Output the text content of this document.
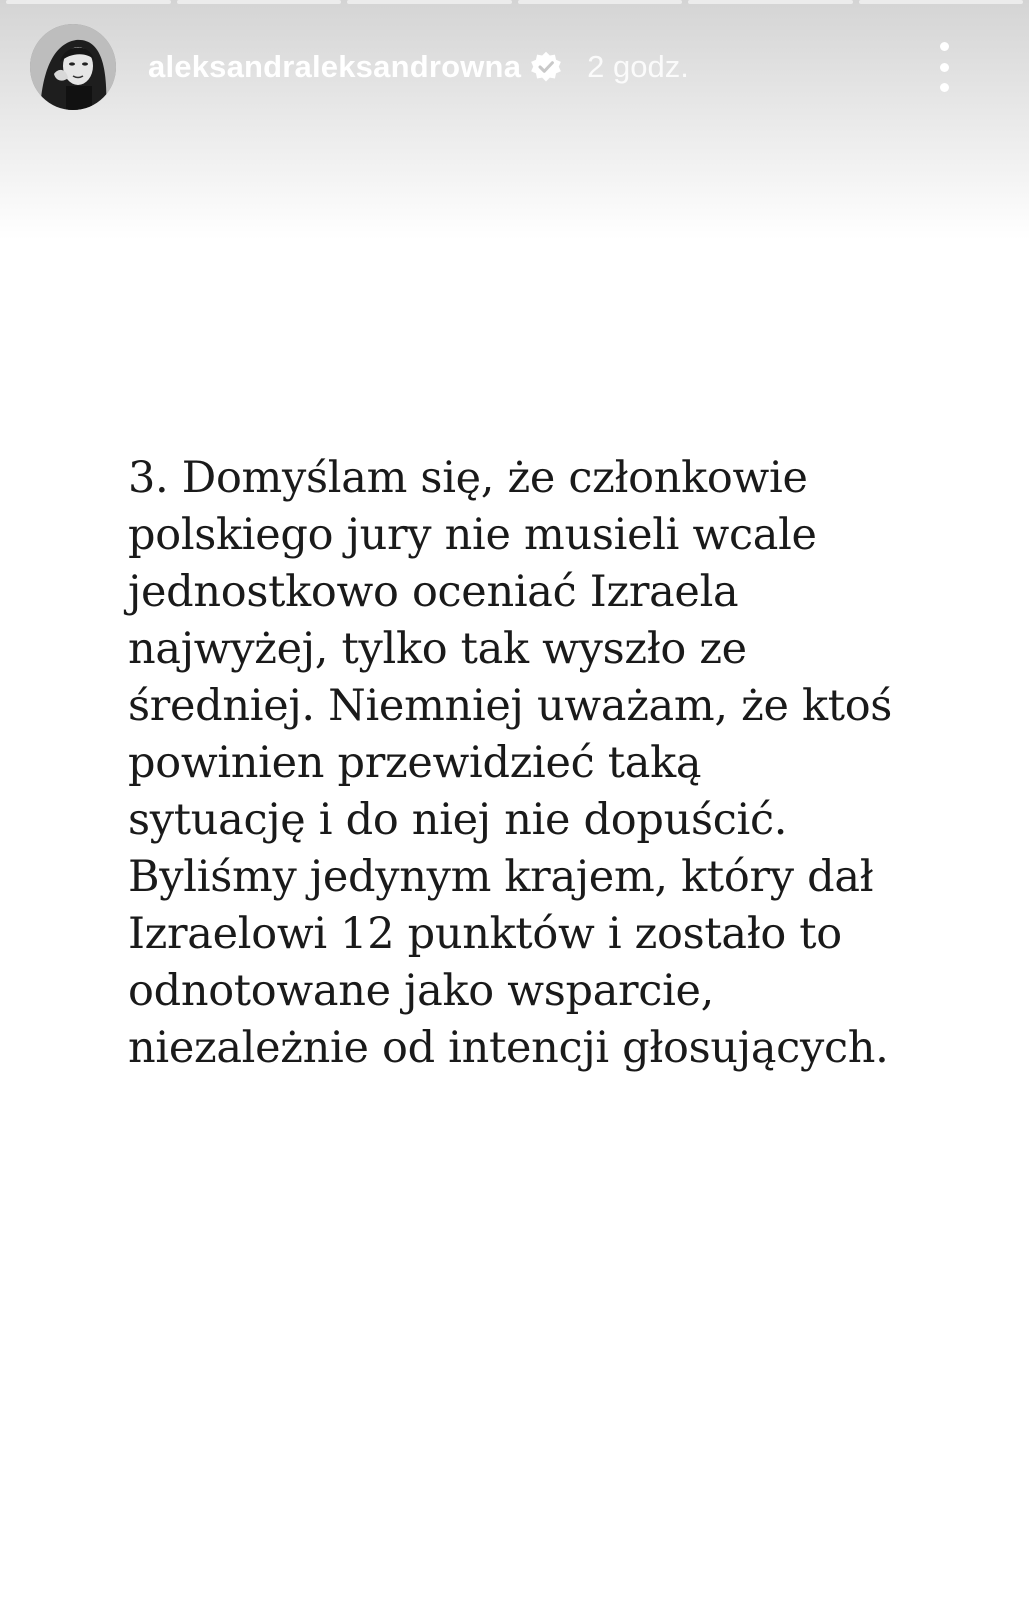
aleksandraleksandrowna 2 godz.
3. Domyślam się, że członkowie
polskiego jury nie musieli wcale
jednostkowo oceniać Izraela
najwyżej, tylko tak wyszło ze
średniej. Niemniej uważam, że ktoś
powinien przewidzieć taką
sytuację i do niej nie dopuścić.
Byliśmy jedynym krajem, który dał
Izraelowi 12 punktów i zostało to
odnotowane jako wsparcie,
niezależnie od intencji głosujących.
